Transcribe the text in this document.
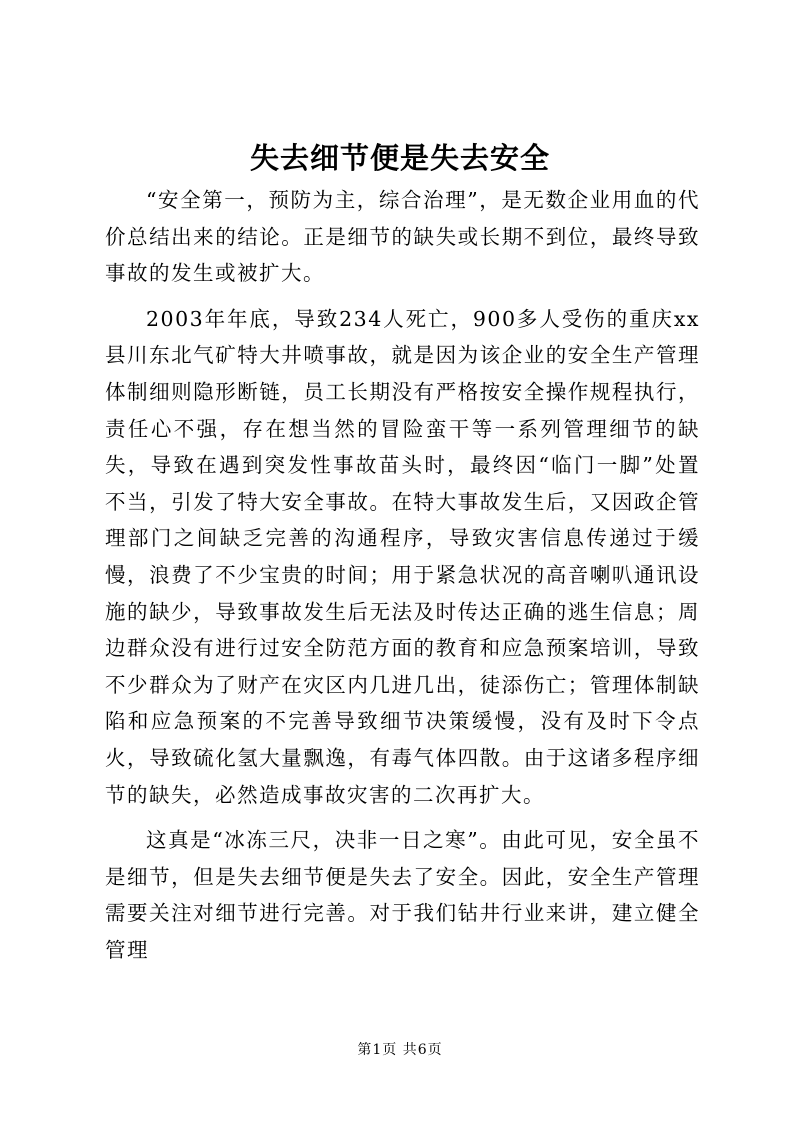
失去细节便是失去安全

“安全第一，预防为主，综合治理”，是无数企业用血的代价总结出来的结论。正是细节的缺失或长期不到位，最终导致事故的发生或被扩大。

2003年年底，导致234人死亡，900多人受伤的重庆xx县川东北气矿特大井喷事故，就是因为该企业的安全生产管理体制细则隐形断链，员工长期没有严格按安全操作规程执行，责任心不强，存在想当然的冒险蛮干等一系列管理细节的缺失，导致在遇到突发性事故苗头时，最终因“临门一脚”处置不当，引发了特大安全事故。在特大事故发生后，又因政企管理部门之间缺乏完善的沟通程序，导致灾害信息传递过于缓慢，浪费了不少宝贵的时间；用于紧急状况的高音喇叭通讯设施的缺少，导致事故发生后无法及时传达正确的逃生信息；周边群众没有进行过安全防范方面的教育和应急预案培训，导致不少群众为了财产在灾区内几进几出，徒添伤亡；管理体制缺陷和应急预案的不完善导致细节决策缓慢，没有及时下令点火，导致硫化氢大量飘逸，有毒气体四散。由于这诸多程序细节的缺失，必然造成事故灾害的二次再扩大。

这真是“冰冻三尺，决非一日之寒”。由此可见，安全虽不是细节，但是失去细节便是失去了安全。因此，安全生产管理需要关注对细节进行完善。对于我们钻井行业来讲，建立健全管理

第1页 共6页
